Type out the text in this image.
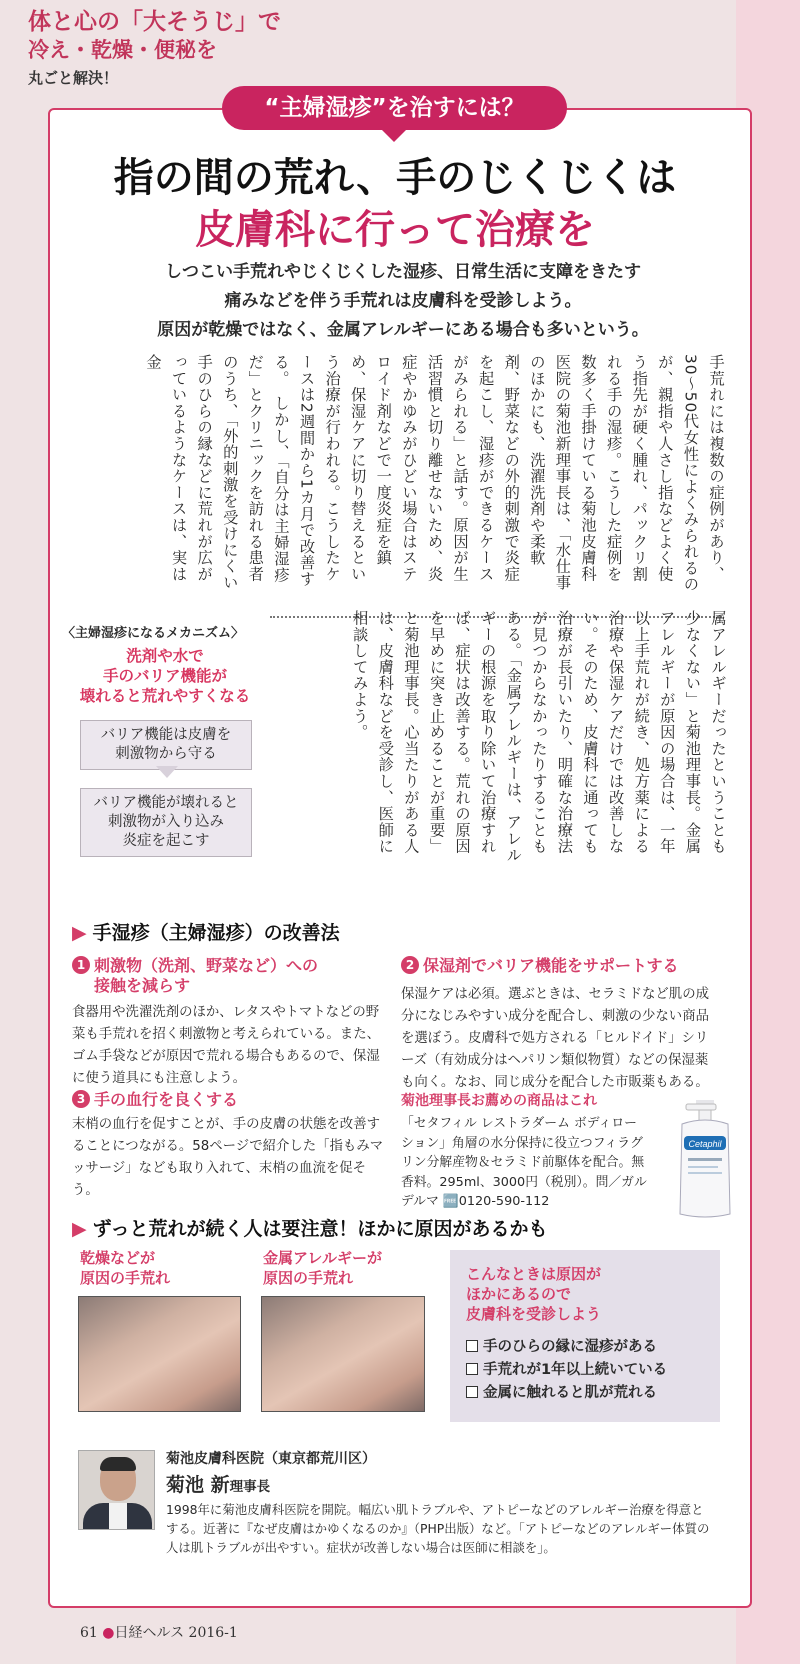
体と心の「大そうじ」で
冷え・乾燥・便秘を
丸ごと解決！
“主婦湿疹”を治すには？
指の間の荒れ、手のじくじくは
皮膚科に行って治療を
しつこい手荒れやじくじくした湿疹、日常生活に支障をきたす
痛みなどを伴う手荒れは皮膚科を受診しよう。
原因が乾燥ではなく、金属アレルギーにある場合も多いという。
手荒れには複数の症例があり、30〜50代女性によくみられるのが、親指や人さし指などよく使う指先が硬く腫れ、パックリ割れる手の湿疹。こうした症例を数多く手掛けている菊池皮膚科医院の菊池新理事長は、「水仕事のほかにも、洗濯洗剤や柔軟剤、野菜などの外的刺激で炎症を起こし、湿疹ができるケースがみられる」と話す。原因が生活習慣と切り離せないため、炎症やかゆみがひどい場合はステロイド剤などで一度炎症を鎮め、保湿ケアに切り替えるという治療が行われる。こうしたケースは2週間から1カ月で改善する。　しかし、「自分は主婦湿疹だ」とクリニックを訪れる患者のうち、「外的刺激を受けにくい手のひらの縁などに荒れが広がっているようなケースは、実は金
属アレルギーだったということも少なくない」と菊池理事長。金属アレルギーが原因の場合は、一年以上手荒れが続き、処方薬による治療や保湿ケアだけでは改善しない。そのため、皮膚科に通っても治療が長引いたり、明確な治療法が見つからなかったりすることもある。「金属アレルギーは、アレルギーの根源を取り除いて治療すれば、症状は改善する。荒れの原因を早めに突き止めることが重要」と菊池理事長。心当たりがある人は、皮膚科などを受診し、医師に相談してみよう。
〈主婦湿疹になるメカニズム〉
洗剤や水で
手のバリア機能が
壊れると荒れやすくなる
バリア機能は皮膚を
刺激物から守る
バリア機能が壊れると
刺激物が入り込み
炎症を起こす
▶ 手湿疹（主婦湿疹）の改善法
1 刺激物（洗剤、野菜など）への
接触を減らす
食器用や洗濯洗剤のほか、レタスやトマトなどの野菜も手荒れを招く刺激物と考えられている。また、ゴム手袋などが原因で荒れる場合もあるので、保湿に使う道具にも注意しよう。
2 保湿剤でバリア機能をサポートする
保湿ケアは必須。選ぶときは、セラミドなど肌の成分になじみやすい成分を配合し、刺激の少ない商品を選ぼう。皮膚科で処方される「ヒルドイド」シリーズ（有効成分はヘパリン類似物質）などの保湿薬も向く。なお、同じ成分を配合した市販薬もある。
3 手の血行を良くする
末梢の血行を促すことが、手の皮膚の状態を改善することにつながる。58ページで紹介した「指もみマッサージ」なども取り入れて、末梢の血流を促そう。
菊池理事長お薦めの商品はこれ
「セタフィル レストラダーム ボディローション」角層の水分保持に役立つフィラグリン分解産物＆セラミド前駆体を配合。無香料。295ml、3000円（税別）。問／ガルデルマ 🆓0120-590-112
Cetaphil
▶ ずっと荒れが続く人は要注意！ほかに原因があるかも
乾燥などが
原因の手荒れ
金属アレルギーが
原因の手荒れ	こんなときは原因が
ほかにあるので
皮膚科を受診しよう
手のひらの縁に湿疹がある
手荒れが1年以上続いている
金属に触れると肌が荒れる
菊池皮膚科医院（東京都荒川区）
菊池 新理事長
1998年に菊池皮膚科医院を開院。幅広い肌トラブルや、アトピーなどのアレルギー治療を得意とする。近著に『なぜ皮膚はかゆくなるのか』（PHP出版）など。「アトピーなどのアレルギー体質の人は肌トラブルが出やすい。症状が改善しない場合は医師に相談を」。
61 ●日経ヘルス 2016-1
